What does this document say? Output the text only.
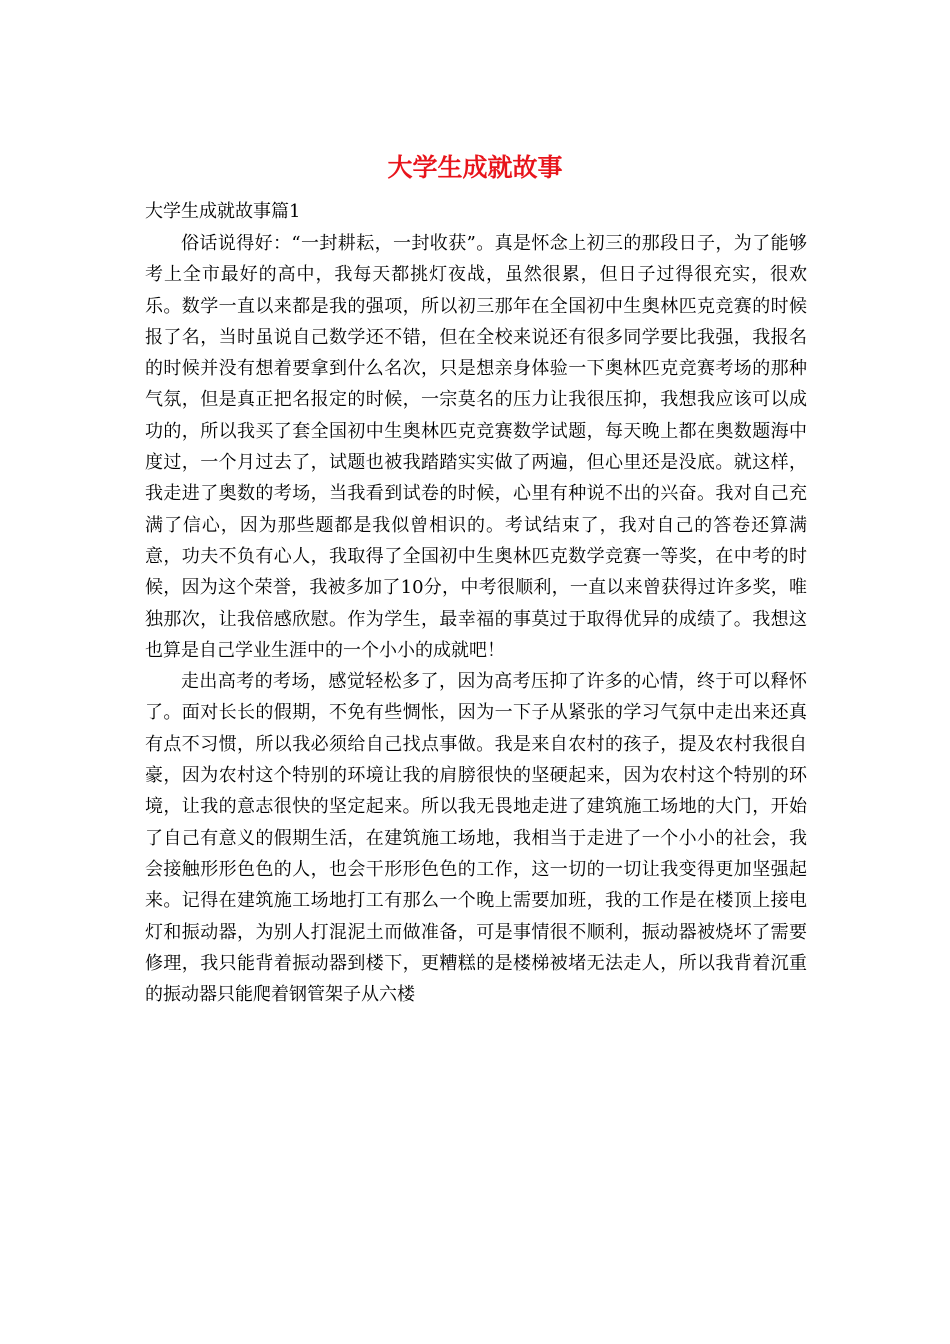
大学生成就故事
大学生成就故事篇1

俗话说得好：“一封耕耘，一封收获”。真是怀念上初三的那段日子，为了能够考上全市最好的高中，我每天都挑灯夜战，虽然很累，但日子过得很充实，很欢乐。数学一直以来都是我的强项，所以初三那年在全国初中生奥林匹克竞赛的时候报了名，当时虽说自己数学还不错，但在全校来说还有很多同学要比我强，我报名的时候并没有想着要拿到什么名次，只是想亲身体验一下奥林匹克竞赛考场的那种气氛，但是真正把名报定的时候，一宗莫名的压力让我很压抑，我想我应该可以成功的，所以我买了套全国初中生奥林匹克竞赛数学试题，每天晚上都在奥数题海中度过，一个月过去了，试题也被我踏踏实实做了两遍，但心里还是没底。就这样，我走进了奥数的考场，当我看到试卷的时候，心里有种说不出的兴奋。我对自己充满了信心，因为那些题都是我似曾相识的。考试结束了，我对自己的答卷还算满意，功夫不负有心人，我取得了全国初中生奥林匹克数学竞赛一等奖，在中考的时候，因为这个荣誉，我被多加了10分，中考很顺利，一直以来曾获得过许多奖，唯独那次，让我倍感欣慰。作为学生，最幸福的事莫过于取得优异的成绩了。我想这也算是自己学业生涯中的一个小小的成就吧！

走出高考的考场，感觉轻松多了，因为高考压抑了许多的心情，终于可以释怀了。面对长长的假期，不免有些惆怅，因为一下子从紧张的学习气氛中走出来还真有点不习惯，所以我必须给自己找点事做。我是来自农村的孩子，提及农村我很自豪，因为农村这个特别的环境让我的肩膀很快的坚硬起来，因为农村这个特别的环境，让我的意志很快的坚定起来。所以我无畏地走进了建筑施工场地的大门，开始了自己有意义的假期生活，在建筑施工场地，我相当于走进了一个小小的社会，我会接触形形色色的人，也会干形形色色的工作，这一切的一切让我变得更加坚强起来。记得在建筑施工场地打工有那么一个晚上需要加班，我的工作是在楼顶上接电灯和振动器，为别人打混泥土而做准备，可是事情很不顺利，振动器被烧坏了需要修理，我只能背着振动器到楼下，更糟糕的是楼梯被堵无法走人，所以我背着沉重的振动器只能爬着钢管架子从六楼
